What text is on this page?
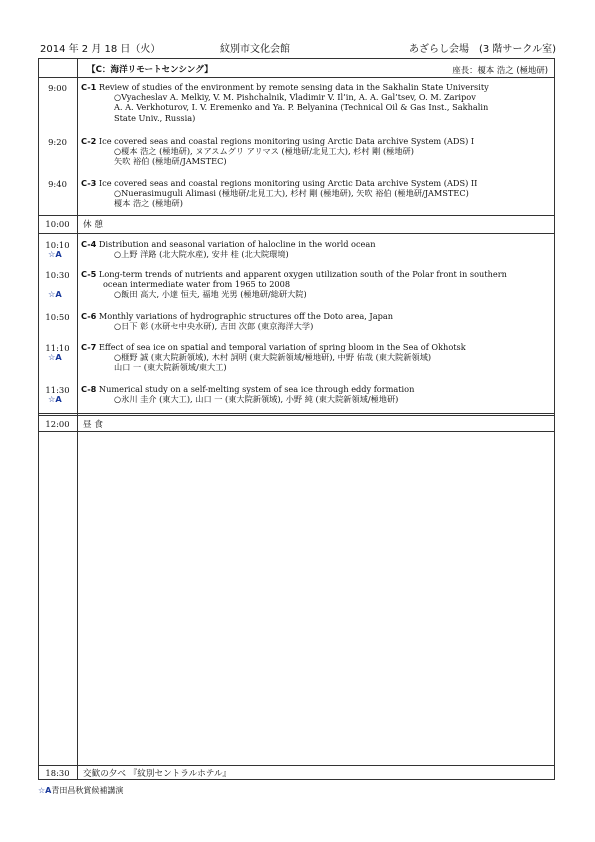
2014 年 2 月 18 日（火）	紋別市文化会館	あざらし会場　(3 階サークル室)
【C：海洋リモートセンシング】	座長：榎本 浩之 (極地研)
9:00	C-1 Review of studies of the environment by remote sensing data in the Sakhalin State University
○Vyacheslav A. Melkiy, V. M. Pishchalnik, Vladimir V. Il’in, A. A. Gal’tsev, O. M. Zaripov
A. A. Verkhoturov, I. V. Eremenko and Ya. P. Belyanina (Technical Oil & Gas Inst., Sakhalin
State Univ., Russia)
9:20	C-2 Ice covered seas and coastal regions monitoring using Arctic Data archive System (ADS) I
○榎本 浩之 (極地研), ヌアスムグリ アリマス (極地研/北見工大), 杉村 剛 (極地研)
矢吹 裕伯 (極地研/JAMSTEC)
9:40	C-3 Ice covered seas and coastal regions monitoring using Arctic Data archive System (ADS) II
○Nuerasimuguli Alimasi (極地研/北見工大), 杉村 剛 (極地研), 矢吹 裕伯 (極地研/JAMSTEC)
榎本 浩之 (極地研)
10:00	休 憩
10:10	C-4 Distribution and seasonal variation of halocline in the world ocean
☆A	○上野 洋路 (北大院水産), 安井 桂 (北大院環境)
10:30	C-5 Long-term trends of nutrients and apparent oxygen utilization south of the Polar front in southern
ocean intermediate water from 1965 to 2008
☆A	○飯田 高大, 小達 恒夫, 福地 光男 (極地研/総研大院)
10:50	C-6 Monthly variations of hydrographic structures off the Doto area, Japan
○日下 彰 (水研セ中央水研), 吉田 次郎 (東京海洋大学)
11:10	C-7 Effect of sea ice on spatial and temporal variation of spring bloom in the Sea of Okhotsk
☆A	○榧野 誠 (東大院新領域), 木村 詞明 (東大院新領域/極地研), 中野 佑哉 (東大院新領域)
山口 一 (東大院新領域/東大工)
11:30	C-8 Numerical study on a self-melting system of sea ice through eddy formation
☆A	○氷川 圭介 (東大工), 山口 一 (東大院新領域), 小野 純 (東大院新領域/極地研)
12:00	昼 食
18:30	交歓の夕べ 『紋別セントラルホテル』
☆A青田昌秋賞候補講演
